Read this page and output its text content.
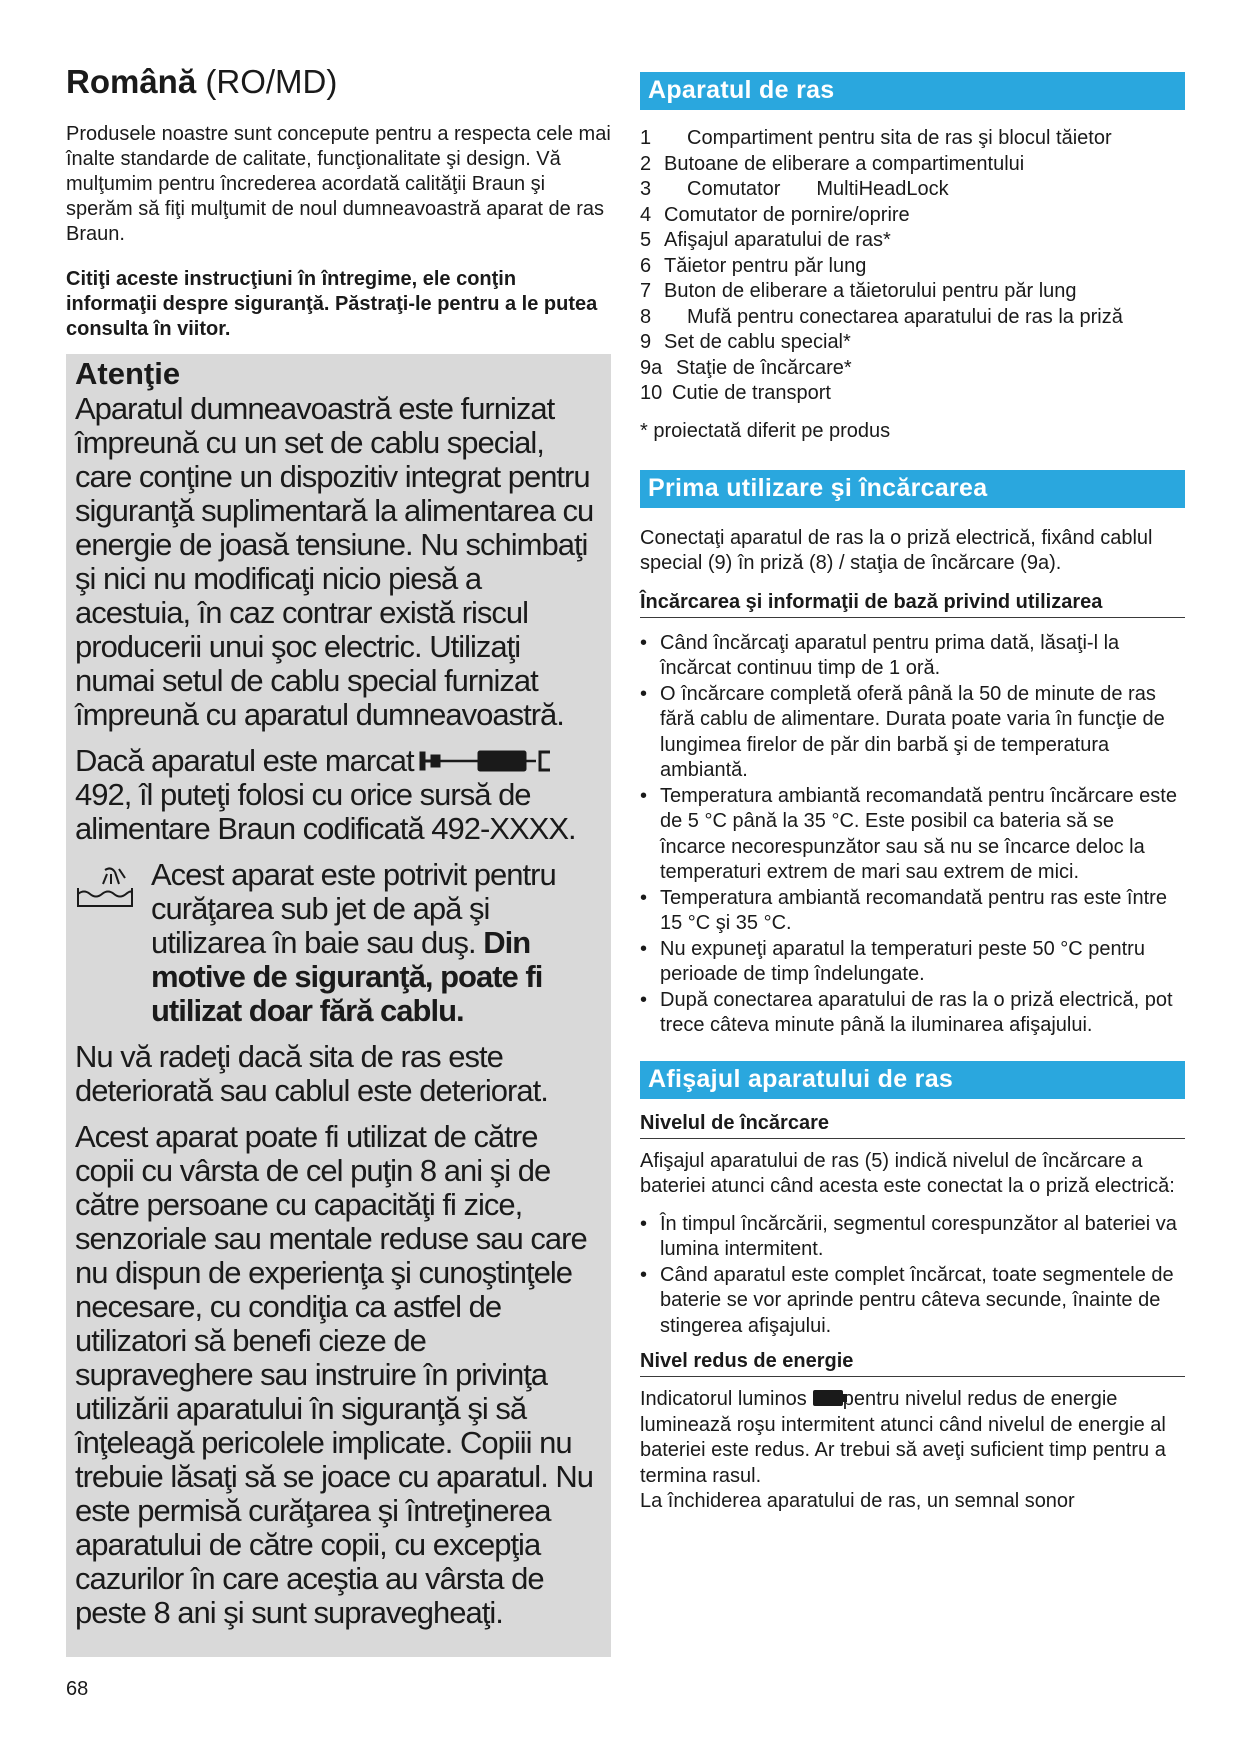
Română (RO/MD)

Produsele noastre sunt concepute pentru a respecta cele mai înalte standarde de calitate, funcţionalitate şi design. Vă mulţumim pentru încrederea acordată calităţii Braun şi sperăm să fiţi mulţumit de noul dumneavoastră aparat de ras Braun.

Citiţi aceste instrucţiuni în întregime, ele conţin informaţii despre siguranţă. Păstraţi-le pentru a le putea consulta în viitor.

Atenţie

Aparatul dumneavoastră este furnizat împreună cu un set de cablu special, care conţine un dispozitiv integrat pentru siguranţă suplimentară la alimentarea cu energie de joasă tensiune. Nu schimbaţi şi nici nu modificaţi nicio piesă a acestuia, în caz contrar există riscul producerii unui şoc electric. Utilizaţi numai setul de cablu special furnizat împreună cu aparatul dumneavoastră.

Dacă aparatul este marcat 492, îl puteţi folosi cu orice sursă de alimentare Braun codificată 492-XXXX.

Acest aparat este potrivit pentru curăţarea sub jet de apă şi utilizarea în baie sau duş. Din motive de siguranţă, poate fi utilizat doar fără cablu.

Nu vă radeţi dacă sita de ras este deteriorată sau cablul este deteriorat.

Acest aparat poate fi utilizat de către copii cu vârsta de cel puţin 8 ani şi de către persoane cu capacităţi fi zice, senzoriale sau mentale reduse sau care nu dispun de experienţa şi cunoştinţele necesare, cu condiţia ca astfel de utilizatori să benefi cieze de supraveghere sau instruire în privinţa utilizării aparatului în siguranţă şi să înţeleagă pericolele implicate. Copiii nu trebuie lăsaţi să se joace cu aparatul. Nu este permisă curăţarea şi întreţinerea aparatului de către copii, cu excepţia cazurilor în care aceştia au vârsta de peste 8 ani şi sunt supravegheaţi.

Aparatul de ras
1 Compartiment pentru sita de ras şi blocul tăietor
2 Butoane de eliberare a compartimentului
3 Comutator MultiHeadLock
4 Comutator de pornire/oprire
5 Afişajul aparatului de ras*
6 Tăietor pentru păr lung
7 Buton de eliberare a tăietorului pentru păr lung
8 Mufă pentru conectarea aparatului de ras la priză
9 Set de cablu special*
9a Staţie de încărcare*
10 Cutie de transport

* proiectată diferit pe produs

Prima utilizare şi încărcarea

Conectaţi aparatul de ras la o priză electrică, fixând cablul special (9) în priză (8) / staţia de încărcare (9a).

Încărcarea şi informaţii de bază privind utilizarea

• Când încărcaţi aparatul pentru prima dată, lăsaţi-l la încărcat continuu timp de 1 oră.
• O încărcare completă oferă până la 50 de minute de ras fără cablu de alimentare. Durata poate varia în funcţie de lungimea firelor de păr din barbă şi de temperatura ambiantă.
• Temperatura ambiantă recomandată pentru încărcare este de 5 °C până la 35 °C. Este posibil ca bateria să se încarce necorespunzător sau să nu se încarce deloc la temperaturi extrem de mari sau extrem de mici.
• Temperatura ambiantă recomandată pentru ras este între 15 °C şi 35 °C.
• Nu expuneţi aparatul la temperaturi peste 50 °C pentru perioade de timp îndelungate.
• După conectarea aparatului de ras la o priză electrică, pot trece câteva minute până la iluminarea afişajului.
Afişajul aparatului de ras

Nivelul de încărcare

Afişajul aparatului de ras (5) indică nivelul de încărcare a bateriei atunci când acesta este conectat la o priză electrică:

• În timpul încărcării, segmentul corespunzător al bateriei va lumina intermitent.
• Când aparatul este complet încărcat, toate segmentele de baterie se vor aprinde pentru câteva secunde, înainte de stingerea afişajului.

Nivel redus de energie

Indicatorul luminos pentru nivelul redus de energie luminează roşu intermitent atunci când nivelul de energie al bateriei este redus. Ar trebui să aveţi suficient timp pentru a termina rasul.
La închiderea aparatului de ras, un semnal sonor

68
